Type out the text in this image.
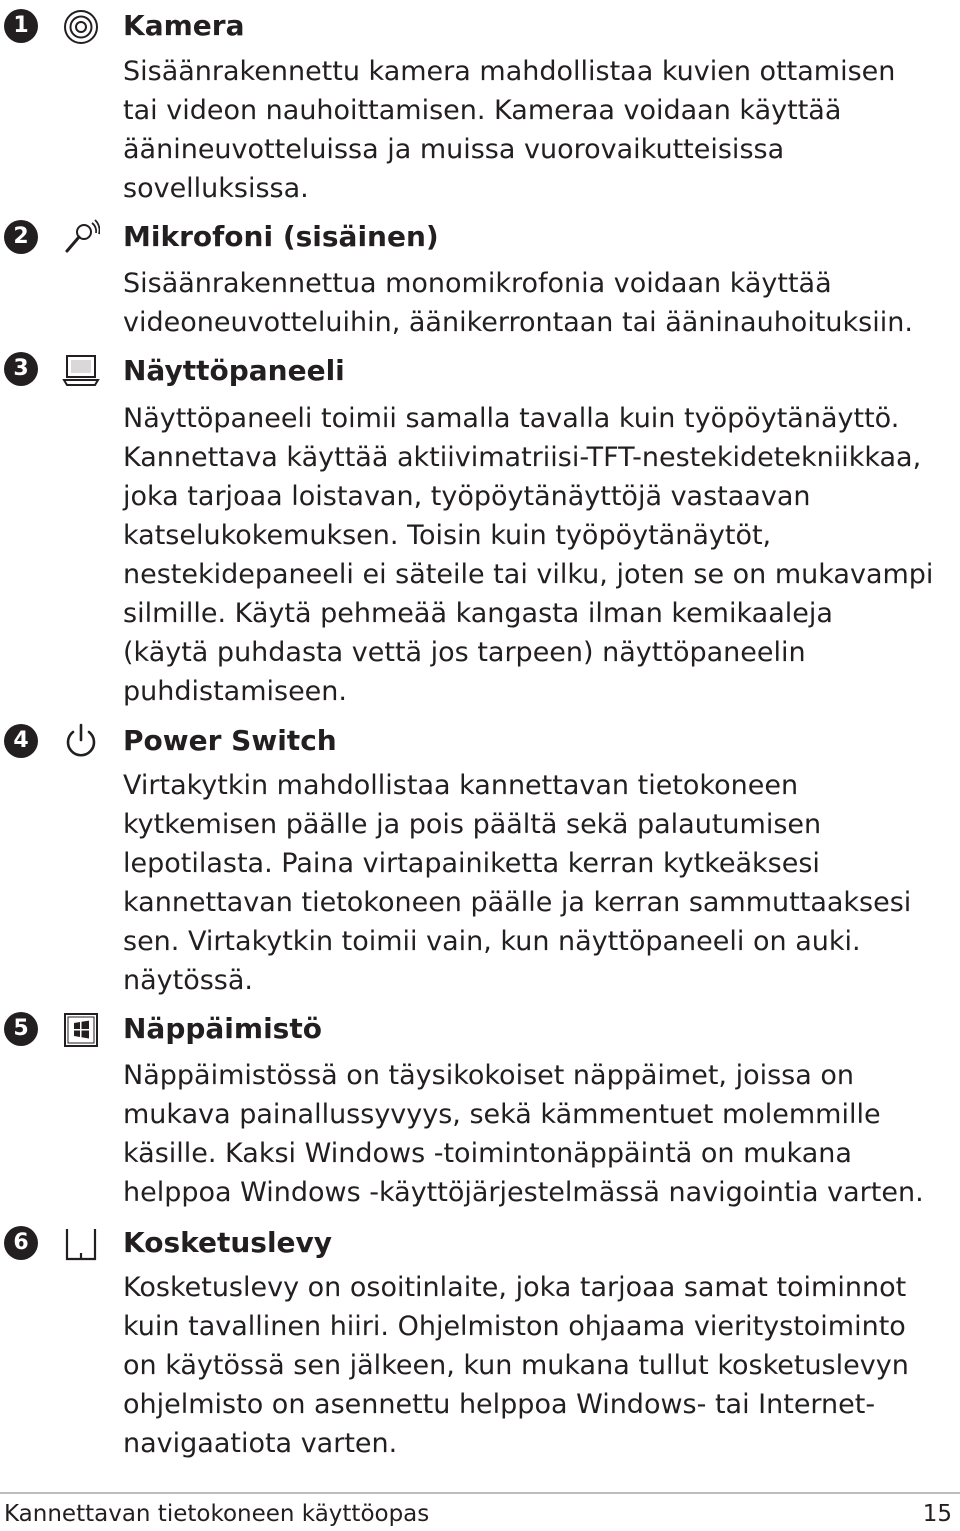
1	Kamera

Sisäänrakennettu kamera mahdollistaa kuvien ottamisen

tai videon nauhoittamisen. Kameraa voidaan käyttää

äänineuvotteluissa ja muissa vuorovaikutteisissa

sovelluksissa.

2	Mikrofoni (sisäinen)

Sisäänrakennettua monomikrofonia voidaan käyttää

videoneuvotteluihin, äänikerrontaan tai ääninauhoituksiin.

3	Näyttöpaneeli

Näyttöpaneeli toimii samalla tavalla kuin työpöytänäyttö.

Kannettava käyttää aktiivimatriisi-TFT-nestekidetekniikkaa,

joka tarjoaa loistavan, työpöytänäyttöjä vastaavan

katselukokemuksen. Toisin kuin työpöytänäytöt,

nestekidepaneeli ei säteile tai vilku, joten se on mukavampi

silmille. Käytä pehmeää kangasta ilman kemikaaleja

(käytä puhdasta vettä jos tarpeen) näyttöpaneelin

puhdistamiseen.

4	Power Switch

Virtakytkin mahdollistaa kannettavan tietokoneen

kytkemisen päälle ja pois päältä sekä palautumisen

lepotilasta. Paina virtapainiketta kerran kytkeäksesi

kannettavan tietokoneen päälle ja kerran sammuttaaksesi

sen. Virtakytkin toimii vain, kun näyttöpaneeli on auki.

näytössä.

5	Näppäimistö

Näppäimistössä on täysikokoiset näppäimet, joissa on

mukava painallussyvyys, sekä kämmentuet molemmille

käsille. Kaksi Windows -toimintonäppäintä on mukana

helppoa Windows -käyttöjärjestelmässä navigointia varten.

6	Kosketuslevy

Kosketuslevy on osoitinlaite, joka tarjoaa samat toiminnot

kuin tavallinen hiiri. Ohjelmiston ohjaama vieritystoiminto

on käytössä sen jälkeen, kun mukana tullut kosketuslevyn

ohjelmisto on asennettu helppoa Windows- tai Internet-

navigaatiota varten.

Kannettavan tietokoneen käyttöopas	15
